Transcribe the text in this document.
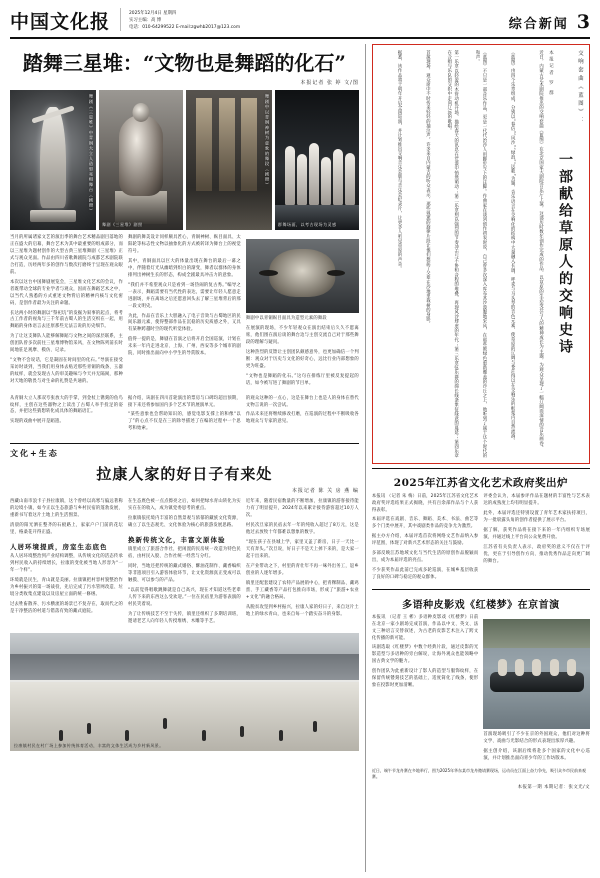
中国文化报	2025年12月4日 星期四
实习主编：高 博
电话：010-64299522 E-mail:zgwhb2017@123.com	综合新闻 3
踏舞三星堆：“文物也是舞蹈的化石”
本报记者 张 婷 文/图
舞剧《三星堆》中青铜大立人造型亮相舞台（剧照）
舞剧《三星堆》剧照
舞剧中以青铜神树为意象的舞段（剧照）
群舞场面，以考古现场为灵感

当月的所属诸家文艺的演出季的舞台艺术精品剧目落地的正在盛大的启幕，舞台艺术为其中最重要的组成部分，而以三星堆为题材创作的大型古典三星堆舞剧《三星堆》正式与观众见面。作品由四川省歌舞剧院与成都艺术剧院联合打造，历经两年多的创作与数次打磨终于呈现在观众眼前。

本次以这台中国舞剧展览会，三星堆文化艺术的会议，作者既带动全球的专业学者与观众，因而在舞蹈艺术之中，以当代人熟悉的方式重述文物背后的精神内核与文化密码，是创作者最为关注的命题。

长达两小时的舞剧以“祭祀坑”的发掘为叙事的起点，将考古工作者的视角与三千年前古蜀人的生活交织在一起，用舞蹈的身体语言去还原那些无法言说的历史细节。

为了让这支舞队人能够解舞蹈与文物之间的深层联系，主创团队曾多次前往三星堆博物馆采风，在文物陈列前长时间地驻足观摩、模仿、记录。

“文物不会说话，它是凝固在时间里的化石。”导演在接受采访时谈到，当我们用身体去贴近那些青铜的线条、玉器的纹样，就会发现古人的审美趣味与今天并无隔阂，那种对天地的敬畏与对生命的礼赞是共通的。

舞剧的舞美设计同样颇具匠心，青铜神树、纵目面具、太阳轮等标志性文物以抽象化的方式被转译为舞台上的视觉符号。

其中，青铜面具以巨大的体量出现在舞台的最后一幕之中，伴随着灯光从幽暗到炽白的渐变，舞者以群体的身体排列出神树生长的形态，构成全剧最具冲击力的意象。

“我们并不希望观众只是看到一场热闹的复古秀。”编导之一表示，舞蹈需要有当代性的表达，需要让年轻人愿意走进剧场，并在离场之后还愿意回头去了解三星堆背后的那一段文明史。

为此，作品在音乐上大胆融入了电子音效与古蜀地区的民间乐器元素，使得整部作品在沉稳的历史质感之外，又具有某种跨越时空的现代听觉体验。

值得一提的是，舞剧在首演之后将开启全国巡演，计划在未来一年内走进北京、上海、广州、西安等多个城市的剧院，同时推出面向中小学生的导赏版本。

舞剧中以青铜纵目面具为造型元素的舞段

在展演的现场，不少年轻观众在演出结束后久久不愿离席，他们围在演后谈的舞台边与主创交流自己对于那些舞段的理解与疑问。

这种热烈的反馈让主创团队颇感意外，也更加确信一个判断：观众对于历史与文化的好奇心，远比行业内部想象的更为旺盛。

“文物也是舞蹈的化石。”这句在排练厅里被反复提起的话，如今被写进了舞剧的节目单。

从青铜大立人那双夸张放大的手掌，到金杖上镌刻的鱼鸟纹样，主创在这些器物之上读出了古蜀人举手投足的姿态，并把这些猜想转化成具体的舞蹈语汇。

实现的戏曲中展开是蹈遗。

据介绍，该剧在四川首轮演出的票房与口碑均超出预期，接下来还将参加国内多个艺术节的展演单元。

“某些意象也会帮助知识的，感觉电影支撑上的和像“以了”的心点不仅是在三的除导描述了在编的过程中一个思考和始索。

的观众这种的一点心，这是在舞台上也是人的身体在替代文物言说的一次尝试。

作品未来还将继续修改打磨，在巡演的过程中不断吸收各地观众与专家的意见。

文化+生态
拉康人家的好日子有来处
本报记者 陈 关 房 燕 编

西藏山南市浪卡子县拉康镇，这个曾经以高寒与偏远著称的边境小镇，如今正以生态旅游与乡村民宿的蓬勃发展，重新书写着这片土地上的生活图景。

清晨的阳光洒在整齐的石板路上，家家户户门前的花坛里，格桑花开得正盛。

人居环境提质，房室生态底色

从人居环境整治到产业结构调整，从传统文化的活态传承到村民收入的持续增长，拉康的变化被当地人形容为“一年一个样”。

环境就是民生，青山就是美丽。拉康镇把村容村貌整治作为乡村振兴的第一场战役，先后完成了污水管网改造、垃圾分类收集点建设以及房屋立面的统一修缮。

过去牲畜散养、污水横流的场景已不复存在，取而代之的是干净整洁的村道与错落有致的藏式庭院。

在生态底色被一点点擦亮之后，如何把绿水青山转化为实实在在的收入，成为镇党委思考的重点。

拉康镇依托境内丰富的自然景观与浓郁的藏族文化资源，确立了以生态观光、文化体验为核心的旅游发展思路。

换新传统文化，丰富文原体验

镇里成立了旅游合作社，把闲置的民房统一改造为特色民宿，由村民入股、合作社统一经营与分红。

同时，当地还把传统的藏式婚俗、酥油花制作、藏香编织等非遗项目引入游客体验环节，让文化资源真正变成可以触摸、可以参与的产品。

“以前觉得唱歌跳舞就是自己高兴，现在才知道这些老辈人传下来的东西这么受欢迎。”一位在民宿里为游客表演的村民笑着说。

为了让传统技艺不至于失传，镇里还组织了多期培训班，邀请老艺人向年轻人传授堆绣、木雕等手艺。

近年来，随着民宿数量的不断增加，拉康镇的游客接待能力有了明显提升，2024年以来累计接待游客超过10万人次。

村民次旦家的民宿去年一年的纯收入超过了8万元，这是他过去放牧十年都难以想象的数字。

“现在孩子在县城上学，家里又盖了新房，日子一天比一天有奔头。”次旦说，好日子不是天上掉下来的，是大家一起干出来的。

在产业带动之下，村里的青壮年不再一味外出务工，返乡创业的人逐年增多。

镇里还配套建设了农特产品展销中心，把青稞制品、藏鸡蛋、手工藏香等产品打包推向市场，形成了“旅游+农业+文化”的融合格局。

从脱贫攻坚到乡村振兴，拉康人家的好日子，来自这片土地上的绿水青山，也来自每一个踏实奋斗的身影。

拉康镇村民在村广场上参加传统体育活动，丰富的文体生活成为乡村新风景。
交响套曲《蓝图》：
一部献给草原人的交响史诗
本报记者 罗 群
近日，内蒙古艺术剧院推出的交响套曲《蓝图》在北京国家大剧院音乐厅上演，这部历时数年创作完成的作品，以草原的生态变迁与人的精神成长为主题，为观众呈现了一幅辽阔而深情的音乐画卷。
《蓝图》由四个乐章组成，分别以“春信”“风沙”“绿浪”“远歌”为题，音乐语言在交响化的结构中大量融入长调、呼麦与马头琴的音色元素，使草原的辽阔与苍茫得以在交响乐的框架内自然流淌。
《蓝图》不只是一部音乐作品，更是一代代治沙人用脚步写下的注脚。作曲家在谈到创作初衷时说，自己曾多次深入库布其沙漠腹地采风，在那些被绿色重新覆盖的沙丘之上，他听到了属于这个时代的和声。
第一乐章以轻盈的木管动机开场，描绘春天的讯息在荒漠中悄然萌动；第二乐章则以强烈的节奏冲击与不协和音程的堆叠，再现风沙肆虐的年代；第三乐章弦乐群的绵长线条象征绿意的蔓延；第四乐章在合唱与乐队的交织中走向辽远的歌唱。
首演现场，观众席中不时传来轻轻的抽泣声。许多来自内蒙古的听众表示，那些熟悉的旋律片段让他们想起了父辈在沙地里栽树的身影。
据悉，该作品将于明年开启全国巡演，并计划推出交响音乐会版与音乐会纪录片，让更多人听见草原的声音。
2025年江苏省文化艺术政府奖出炉

本报讯 （记者 朱 梅）日前，2025年江苏省文化艺术政府奖评选结果正式揭晓，共有百余部作品与个人获得表彰。

本届评选在戏剧、音乐、舞蹈、美术、书法、曲艺等多个门类中展开，其中戏剧类作品的竞争尤为激烈。

据主办方介绍，本届评选首次将网络文艺作品纳入参评范围，体现了对新兴艺术形态的关注与鼓励。

多部反映江苏地域文化与当代生活的原创作品脱颖而出，成为本届评选的亮点。

不少获奖作品此前已完成多轮巡演，在城乡基层收获了良好的口碑与稳定的观众群体。

评委会认为，本届参评作品在题材的丰富性与艺术表达的成熟度上均有明显提升。

此外，本届评选还特别设置了青年艺术家扶持项目，为一批崭露头角的创作者提供了展示平台。

据了解，获奖作品将在接下来的一年内组织专场展演，并通过线上平台向公众免费开放。

江苏省有关负责人表示，政府奖的意义不仅在于评优，更在于引导创作方向、推动优秀作品走向更广阔的舞台。

多语种皮影戏《红楼梦》在京首演

本报讯 （记者 王 彬）多语种皮影戏《红楼梦》日前在北京一家小剧场完成首演，作品以中文、英文、法文三种语言交替叙述，为古老的皮影艺术注入了跨文化传播的新可能。

该剧选取《红楼梦》中数个经典片段，通过皮影的光影造型与多语种的旁白解说，让海外观众也能领略中国古典文学的魅力。

创作团队为此重新设计了影人的造型与服饰纹样，在保留传统镂刻技艺的基础上，适度简化了线条，使形象在投影时更加清晰。

首演现场吸引了不少在京的外国观众，他们对这种将文学、戏曲与光影结合的形式表现出浓厚兴趣。

据主创介绍，该剧后续将赴多个国家的文化中心巡演，并计划推出面向青少年的工作坊版本。

近日，端午节龙舟赛在多地举行，图为2025年华东某市龙舟邀请赛现场，运动员在江面上奋力争先，吸引众多市民前来观赛。
本报第一期 本期记者：张文光/文
